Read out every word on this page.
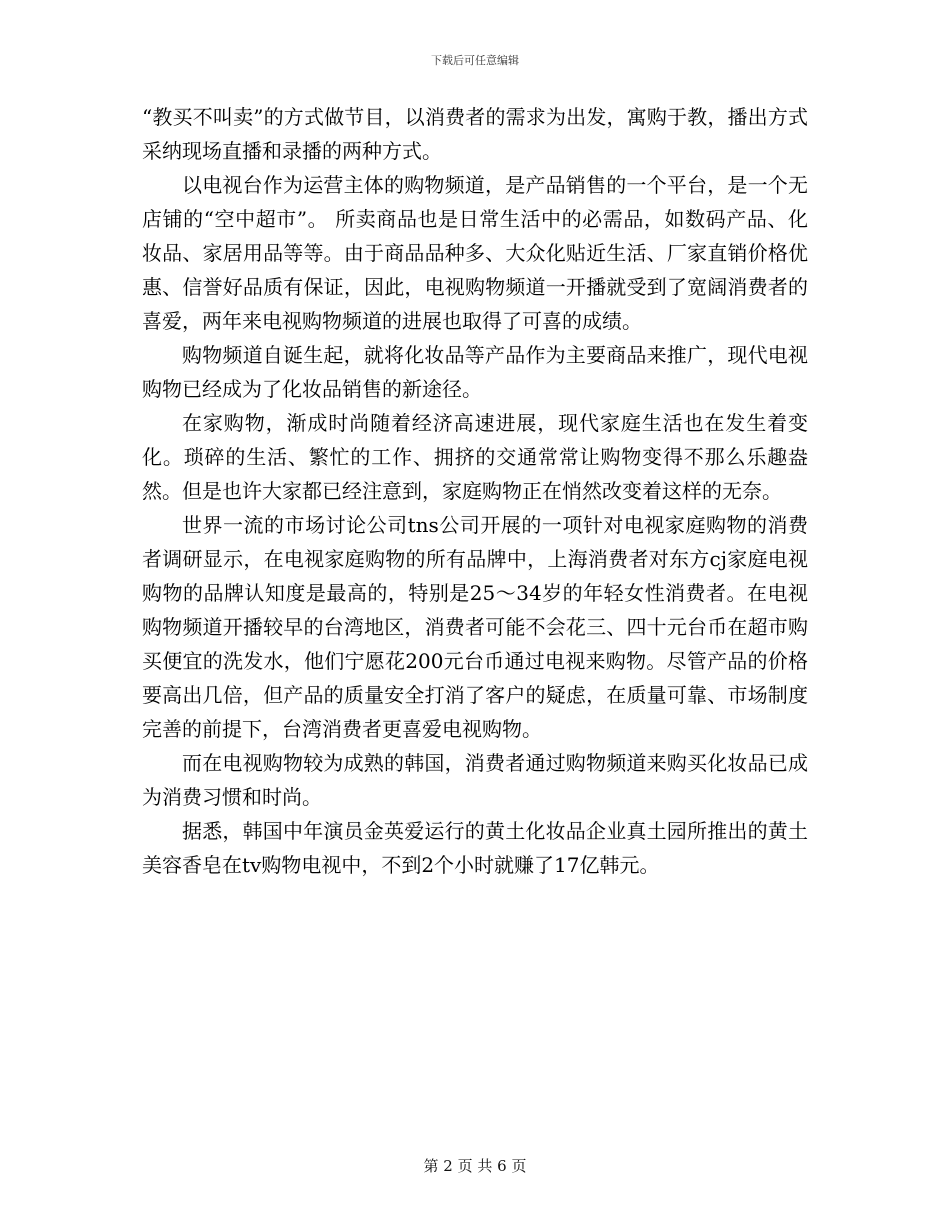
下载后可任意编辑

“教买不叫卖”的方式做节目，以消费者的需求为出发，寓购于教，播出方式采纳现场直播和录播的两种方式。

以电视台作为运营主体的购物频道，是产品销售的一个平台，是一个无店铺的“空中超市”。 所卖商品也是日常生活中的必需品，如数码产品、化妆品、家居用品等等。由于商品品种多、大众化贴近生活、厂家直销价格优惠、信誉好品质有保证，因此，电视购物频道一开播就受到了宽阔消费者的喜爱，两年来电视购物频道的进展也取得了可喜的成绩。

购物频道自诞生起，就将化妆品等产品作为主要商品来推广，现代电视购物已经成为了化妆品销售的新途径。

在家购物，渐成时尚随着经济高速进展，现代家庭生活也在发生着变化。琐碎的生活、繁忙的工作、拥挤的交通常常让购物变得不那么乐趣盎然。但是也许大家都已经注意到，家庭购物正在悄然改变着这样的无奈。

世界一流的市场讨论公司tns公司开展的一项针对电视家庭购物的消费者调研显示，在电视家庭购物的所有品牌中，上海消费者对东方cj家庭电视购物的品牌认知度是最高的，特别是25～34岁的年轻女性消费者。在电视购物频道开播较早的台湾地区，消费者可能不会花三、四十元台币在超市购买便宜的洗发水，他们宁愿花200元台币通过电视来购物。尽管产品的价格要高出几倍，但产品的质量安全打消了客户的疑虑，在质量可靠、市场制度完善的前提下，台湾消费者更喜爱电视购物。

而在电视购物较为成熟的韩国，消费者通过购物频道来购买化妆品已成为消费习惯和时尚。

据悉，韩国中年演员金英爱运行的黄土化妆品企业真土园所推出的黄土美容香皂在tv购物电视中，不到2个小时就赚了17亿韩元。

第 2 页 共 6 页
